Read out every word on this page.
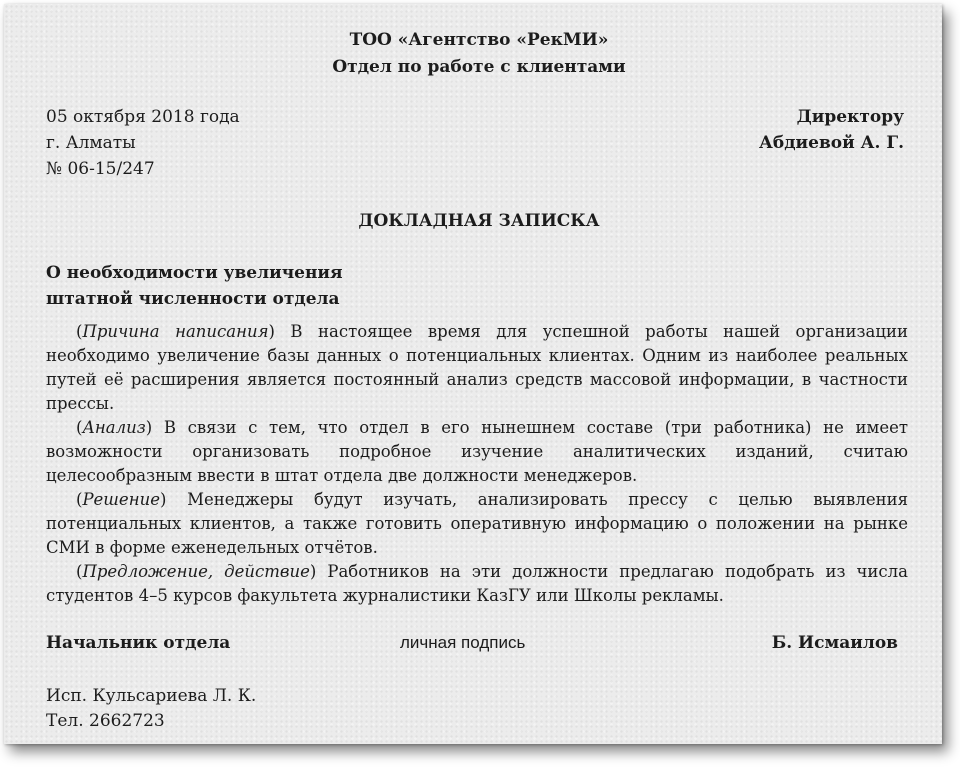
ТОО «Агентство «РекМИ»
Отдел по работе с клиентами
05 октября 2018 года
г. Алматы
№ 06-15/247
Директору
Абдиевой А. Г.
ДОКЛАДНАЯ ЗАПИСКА
О необходимости увеличения
штатной численности отдела

(Причина написания) В настоящее время для успешной работы нашей организации необходимо увеличение базы данных о потенциальных клиентах. Одним из наиболее реальных путей её расширения является постоянный анализ средств массовой информации, в частности прессы.

(Анализ) В связи с тем, что отдел в его нынешнем составе (три работника) не имеет возможности организовать подробное изучение аналитических изданий, считаю целесообразным ввести в штат отдела две должности менеджеров.

(Решение) Менеджеры будут изучать, анализировать прессу с целью выявления потенциальных клиентов, а также готовить оперативную информацию о положении на рынке СМИ в форме еженедельных отчётов.

(Предложение, действие) Работников на эти должности предлагаю подобрать из числа студентов 4–5 курсов факультета журналистики КазГУ или Школы рекламы.

Начальник отдела	личная подпись	Б. Исмаилов
Исп. Кульсариева Л. К.
Тел. 2662723
